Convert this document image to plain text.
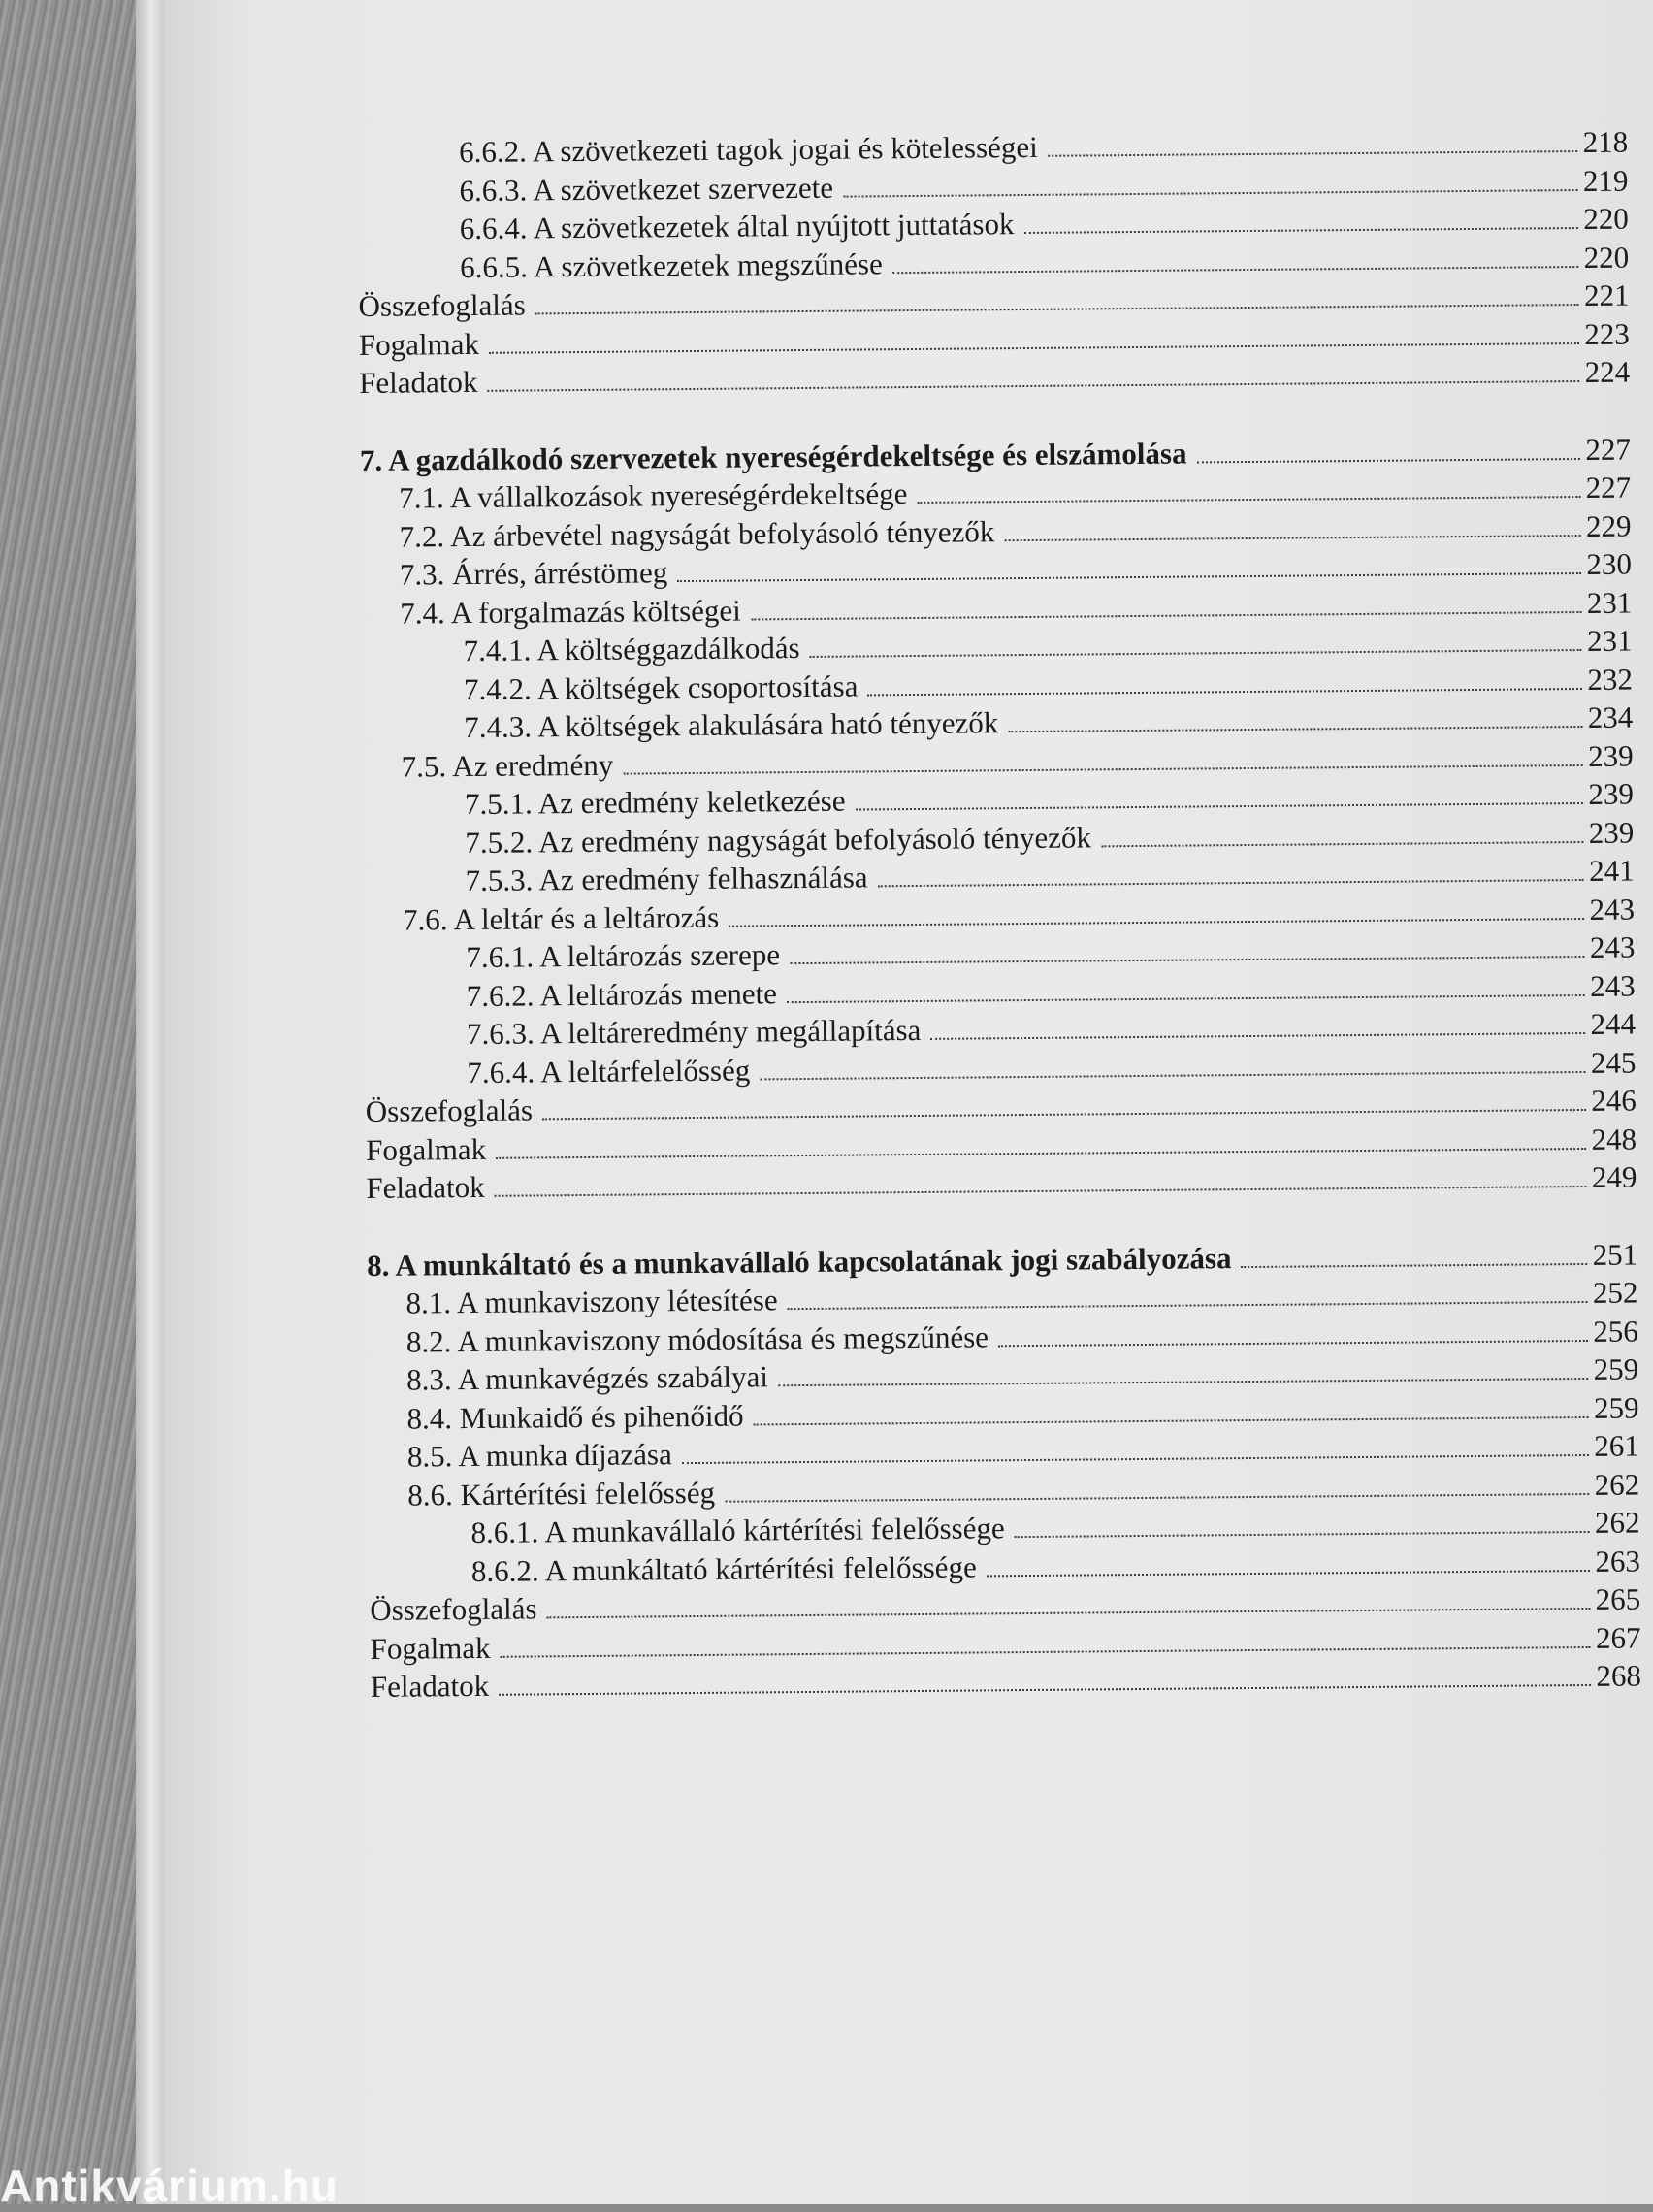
6.6.2. A szövetkezeti tagok jogai és kötelességei	218
6.6.3. A szövetkezet szervezete	219
6.6.4. A szövetkezetek által nyújtott juttatások	220
6.6.5. A szövetkezetek megszűnése	220
Összefoglalás	221
Fogalmak	223
Feladatok	224
7. A gazdálkodó szervezetek nyereségérdekeltsége és elszámolása	227
7.1. A vállalkozások nyereségérdekeltsége	227
7.2. Az árbevétel nagyságát befolyásoló tényezők	229
7.3. Árrés, árréstömeg	230
7.4. A forgalmazás költségei	231
7.4.1. A költséggazdálkodás	231
7.4.2. A költségek csoportosítása	232
7.4.3. A költségek alakulására ható tényezők	234
7.5. Az eredmény	239
7.5.1. Az eredmény keletkezése	239
7.5.2. Az eredmény nagyságát befolyásoló tényezők	239
7.5.3. Az eredmény felhasználása	241
7.6. A leltár és a leltározás	243
7.6.1. A leltározás szerepe	243
7.6.2. A leltározás menete	243
7.6.3. A leltáreredmény megállapítása	244
7.6.4. A leltárfelelősség	245
Összefoglalás	246
Fogalmak	248
Feladatok	249
8. A munkáltató és a munkavállaló kapcsolatának jogi szabályozása	251
8.1. A munkaviszony létesítése	252
8.2. A munkaviszony módosítása és megszűnése	256
8.3. A munkavégzés szabályai	259
8.4. Munkaidő és pihenőidő	259
8.5. A munka díjazása	261
8.6. Kártérítési felelősség	262
8.6.1. A munkavállaló kártérítési felelőssége	262
8.6.2. A munkáltató kártérítési felelőssége	263
Összefoglalás	265
Fogalmak	267
Feladatok	268
Antikvárium.hu
